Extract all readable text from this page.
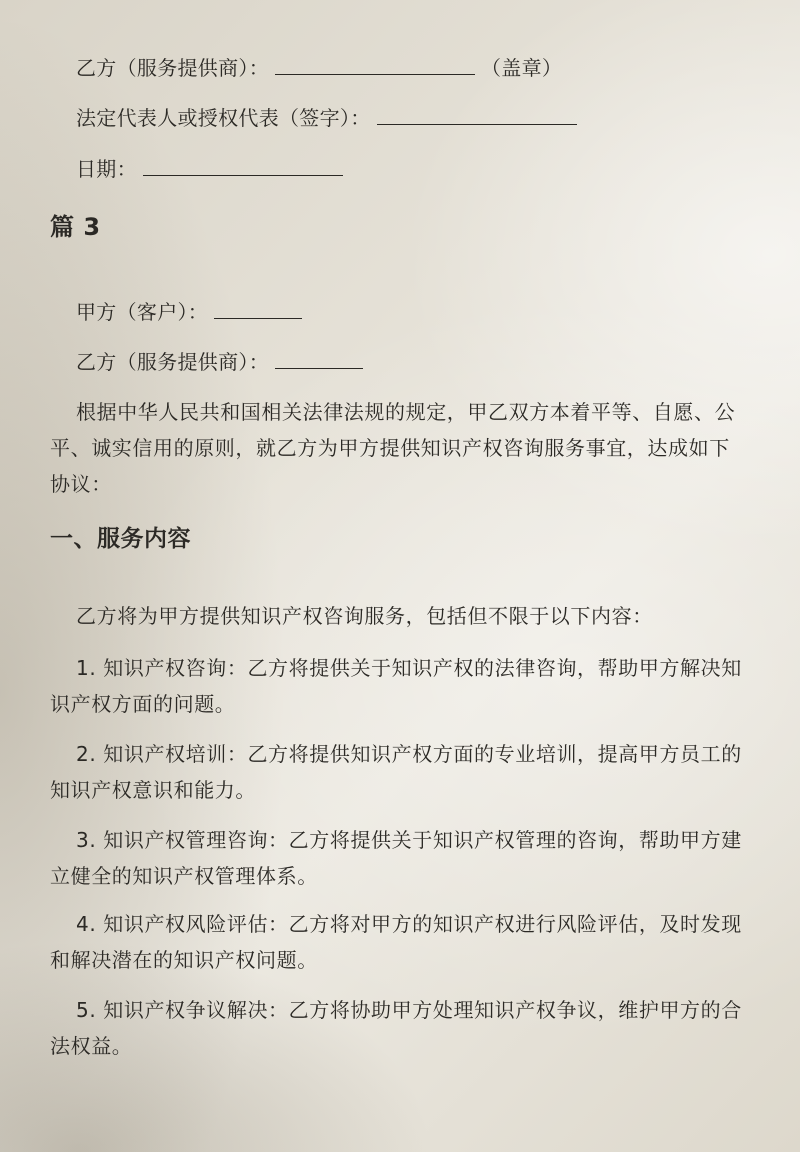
乙方（服务提供商）：	（盖章）
法定代表人或授权代表（签字）：
日期：
篇 3
甲方（客户）：
乙方（服务提供商）：
根据中华人民共和国相关法律法规的规定，甲乙双方本着平等、自愿、公平、诚实信用的原则，就乙方为甲方提供知识产权咨询服务事宜，达成如下协议：
一、服务内容
乙方将为甲方提供知识产权咨询服务，包括但不限于以下内容：
1. 知识产权咨询：乙方将提供关于知识产权的法律咨询，帮助甲方解决知识产权方面的问题。
2. 知识产权培训：乙方将提供知识产权方面的专业培训，提高甲方员工的知识产权意识和能力。
3. 知识产权管理咨询：乙方将提供关于知识产权管理的咨询，帮助甲方建立健全的知识产权管理体系。
4. 知识产权风险评估：乙方将对甲方的知识产权进行风险评估，及时发现和解决潜在的知识产权问题。
5. 知识产权争议解决：乙方将协助甲方处理知识产权争议，维护甲方的合法权益。
